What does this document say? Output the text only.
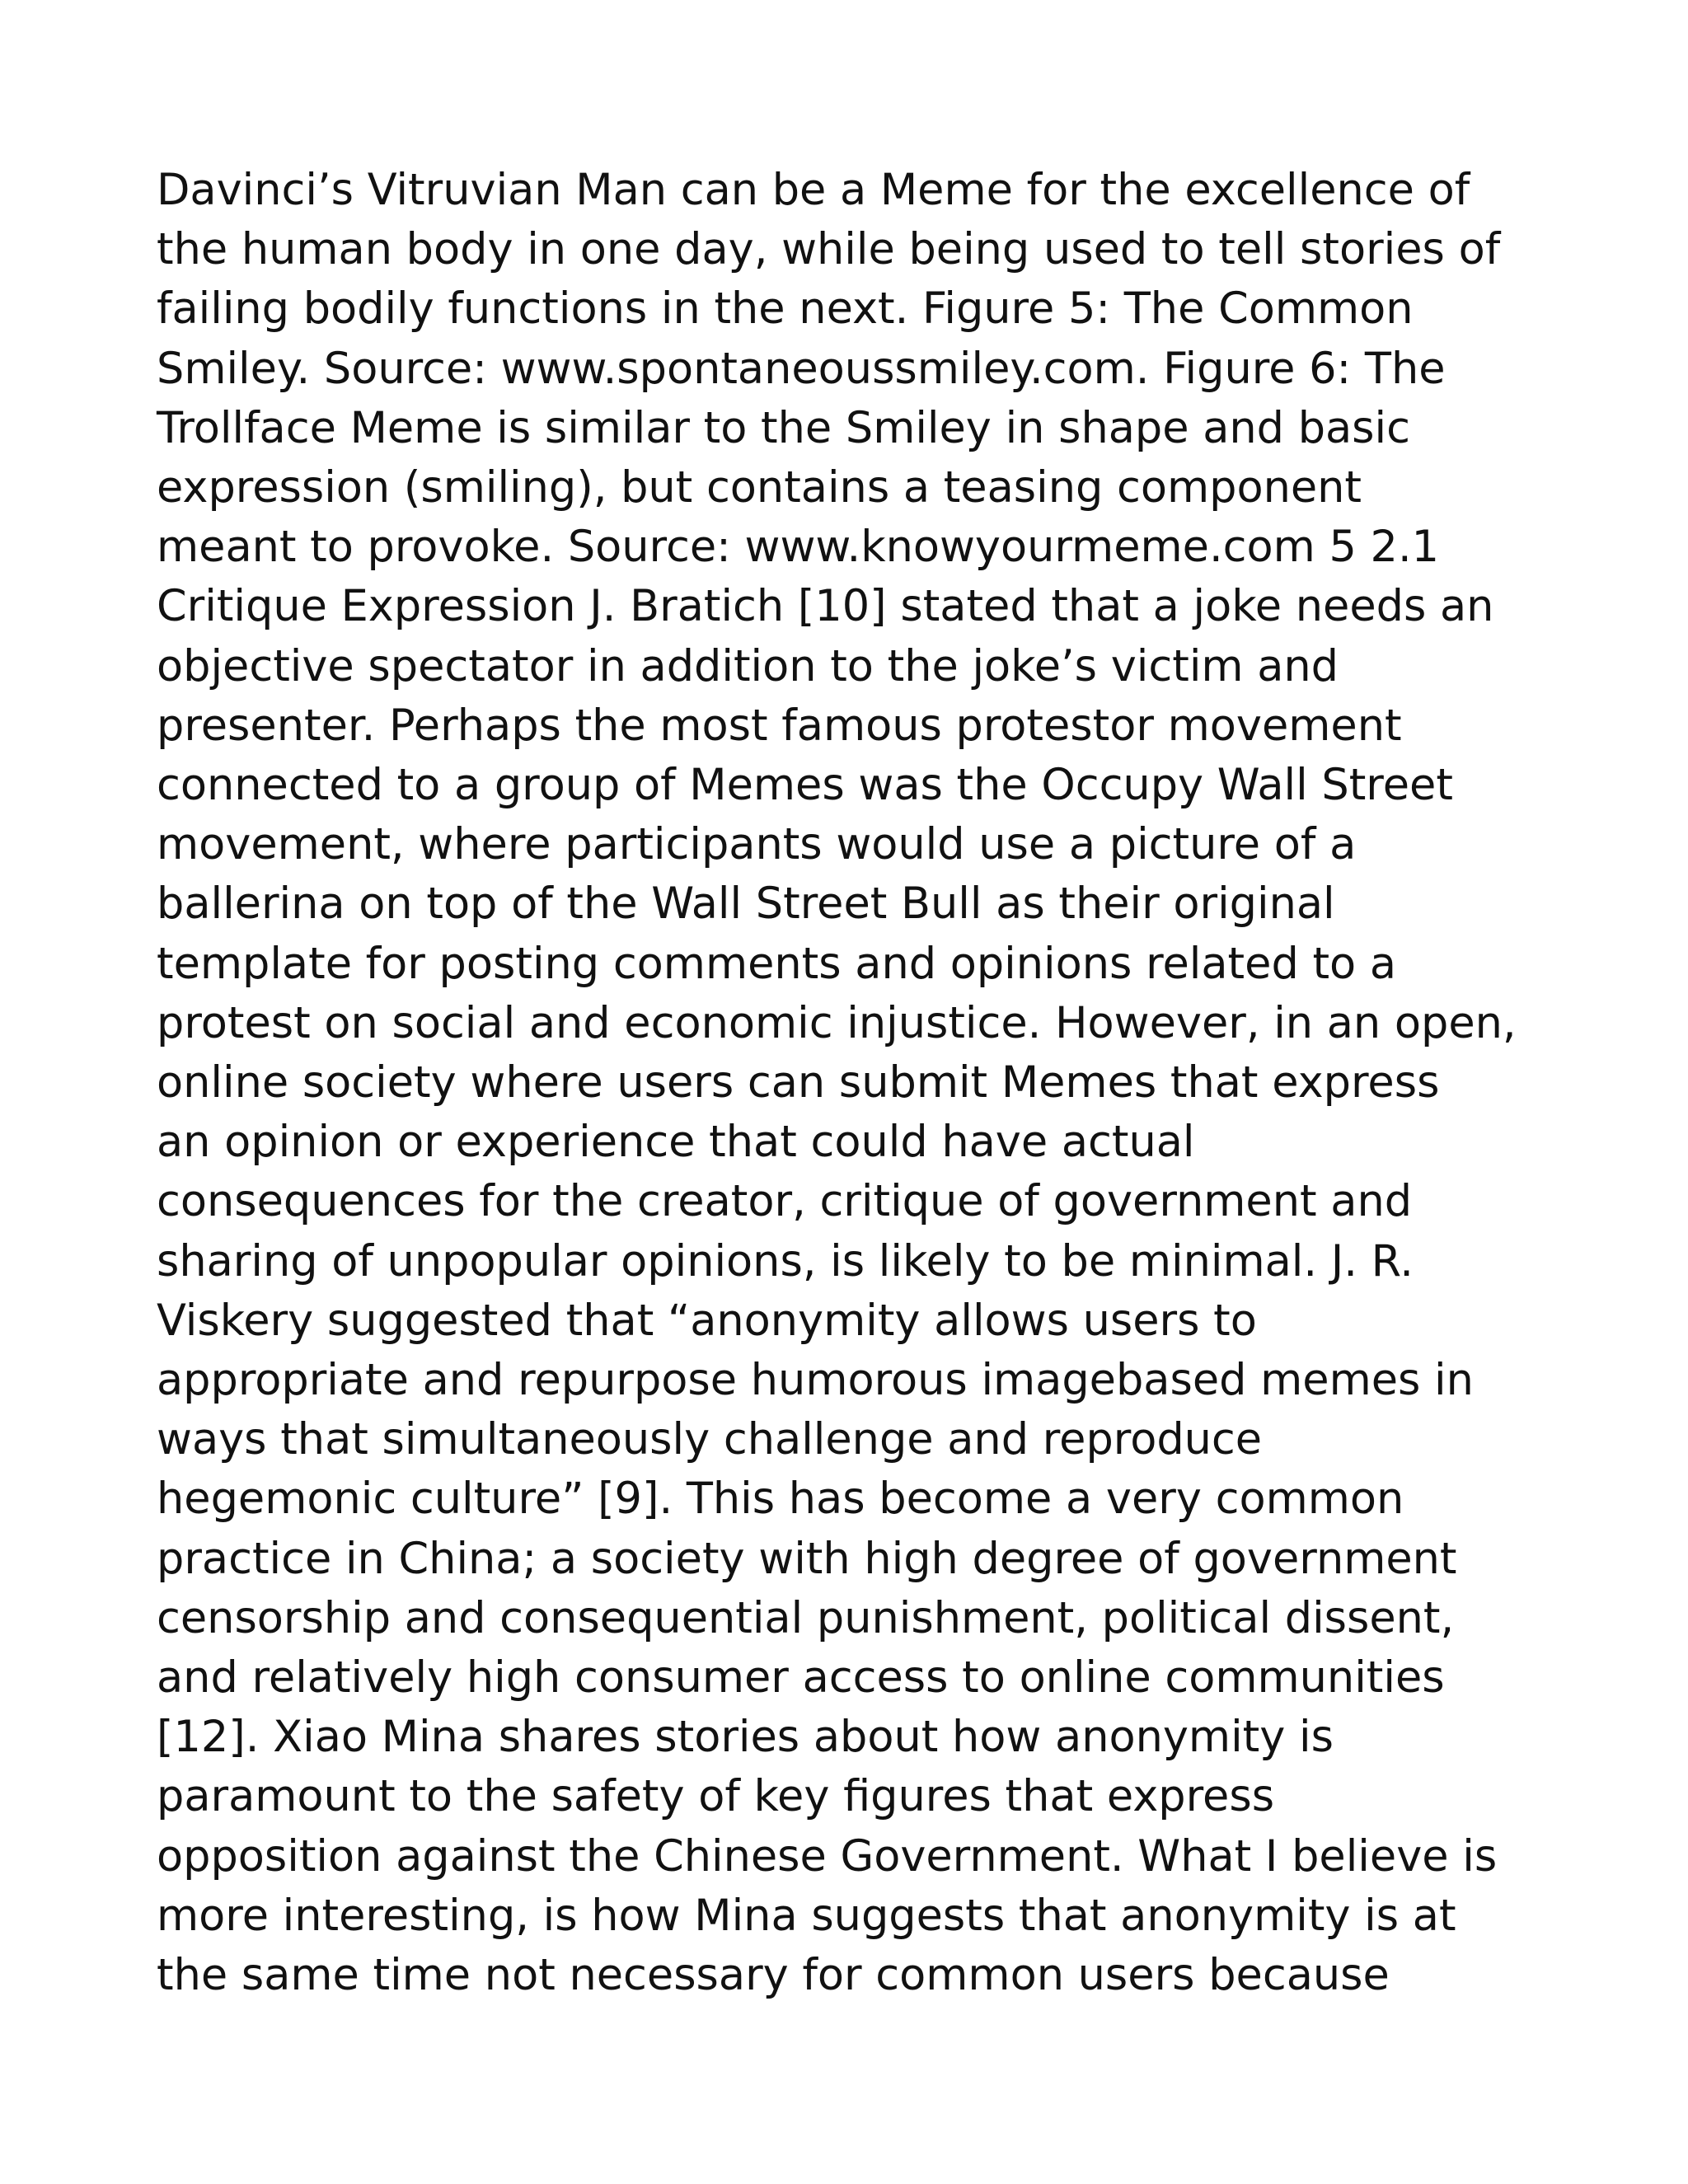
Davinci’s Vitruvian Man can be a Meme for the excellence of
the human body in one day, while being used to tell stories of
failing bodily functions in the next. Figure 5: The Common
Smiley. Source: www.spontaneoussmiley.com. Figure 6: The
Trollface Meme is similar to the Smiley in shape and basic
expression (smiling), but contains a teasing component
meant to provoke. Source: www.knowyourmeme.com 5 2.1
Critique Expression J. Bratich [10] stated that a joke needs an
objective spectator in addition to the joke’s victim and
presenter. Perhaps the most famous protestor movement
connected to a group of Memes was the Occupy Wall Street
movement, where participants would use a picture of a
ballerina on top of the Wall Street Bull as their original
template for posting comments and opinions related to a
protest on social and economic injustice. However, in an open,
online society where users can submit Memes that express
an opinion or experience that could have actual
consequences for the creator, critique of government and
sharing of unpopular opinions, is likely to be minimal. J. R.
Viskery suggested that “anonymity allows users to
appropriate and repurpose humorous imagebased memes in
ways that simultaneously challenge and reproduce
hegemonic culture” [9]. This has become a very common
practice in China; a society with high degree of government
censorship and consequential punishment, political dissent,
and relatively high consumer access to online communities
[12]. Xiao Mina shares stories about how anonymity is
paramount to the safety of key figures that express
opposition against the Chinese Government. What I believe is
more interesting, is how Mina suggests that anonymity is at
the same time not necessary for common users because
